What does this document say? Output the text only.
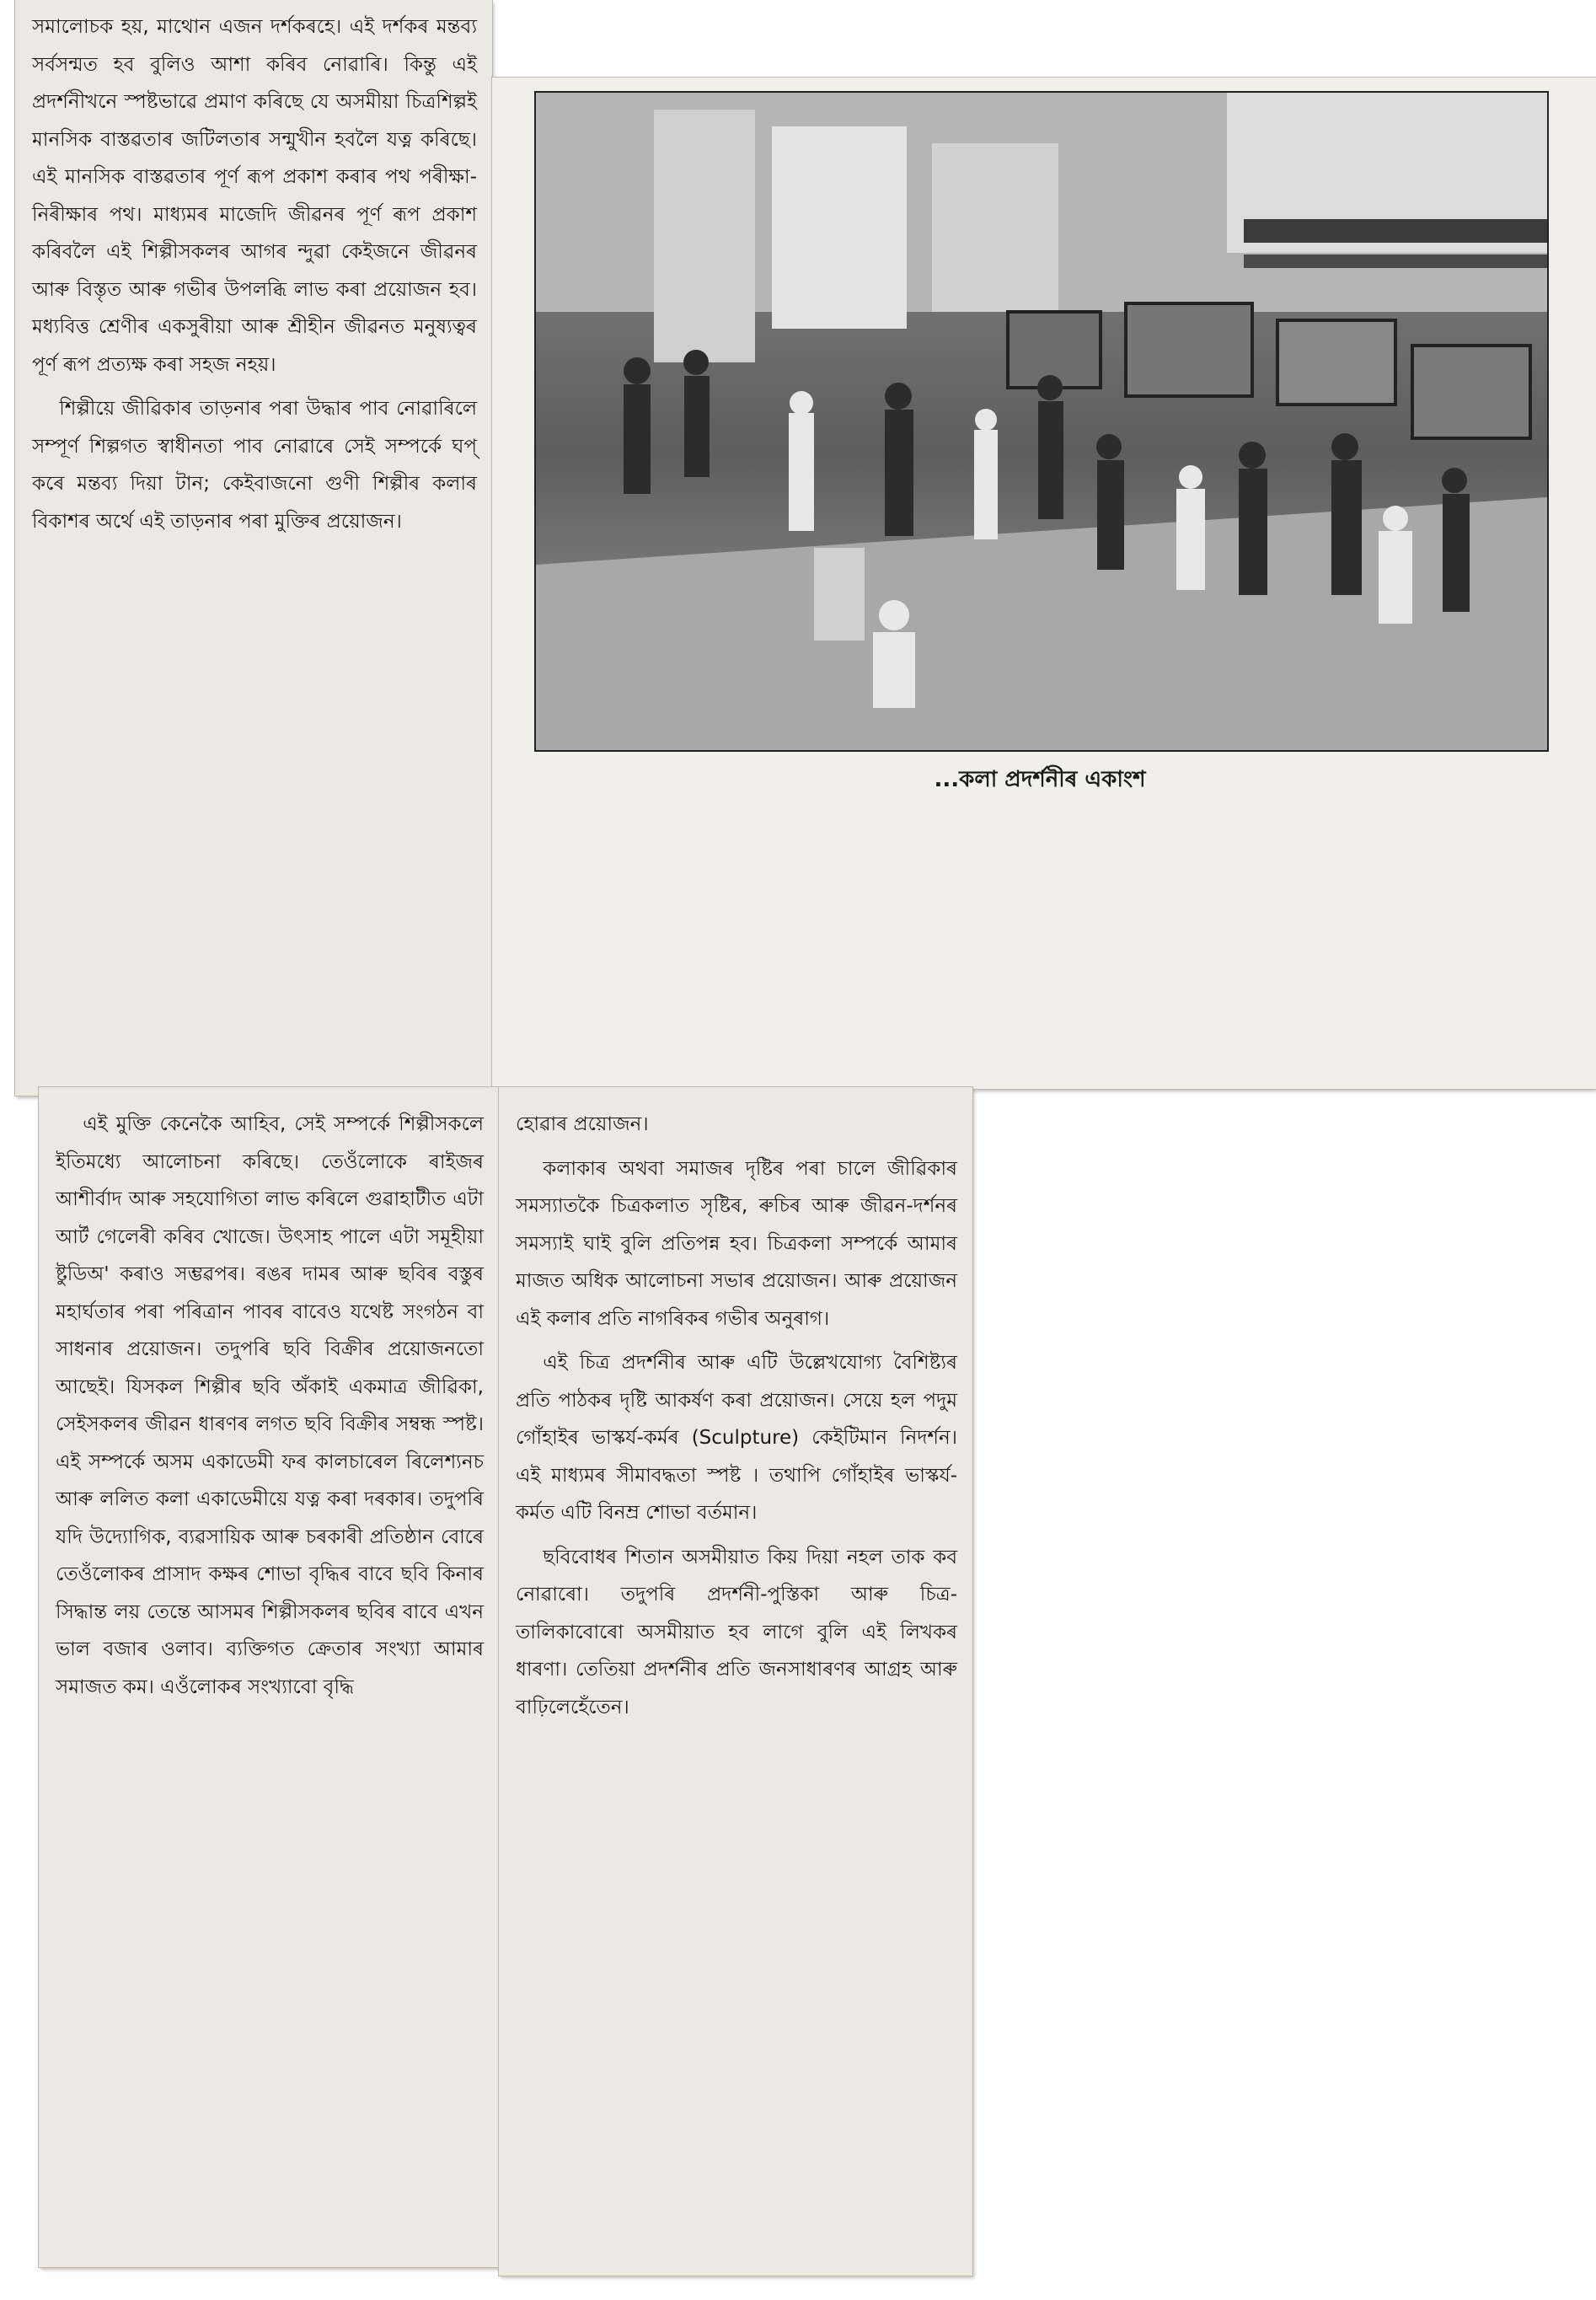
সমালোচক হয়, মাথোন এজন দৰ্শকৰহে। এই দৰ্শকৰ মন্তব্য সৰ্বসন্মত হব বুলিও আশা কৰিব নোৱাৰি। কিন্তু এই প্ৰদৰ্শনীখনে স্পষ্টভাৱে প্ৰমাণ কৰিছে যে অসমীয়া চিত্ৰশিল্পই মানসিক বাস্তৱতাৰ জটিলতাৰ সন্মুখীন হবলৈ যত্ন কৰিছে। এই মানসিক বাস্তৱতাৰ পূৰ্ণ ৰূপ প্ৰকাশ কৰাৰ পথ পৰীক্ষা-নিৰীক্ষাৰ পথ। মাধ্যমৰ মাজেদি জীৱনৰ পূৰ্ণ ৰূপ প্ৰকাশ কৰিবলৈ এই শিল্পীসকলৰ আগৰ ন্দুৱা কেইজনে জীৱনৰ আৰু বিস্তৃত আৰু গভীৰ উপলব্ধি লাভ কৰা প্ৰয়োজন হব। মধ্যবিত্ত শ্ৰেণীৰ একসুৰীয়া আৰু শ্ৰীহীন জীৱনত মনুষ্যত্বৰ পূৰ্ণ ৰূপ প্ৰত্যক্ষ কৰা সহজ নহয়।

শিল্পীয়ে জীৱিকাৰ তাড়নাৰ পৰা উদ্ধাৰ পাব নোৱাৰিলে সম্পূৰ্ণ শিল্পগত স্বাধীনতা পাব নোৱাৰে সেই সম্পৰ্কে ঘপ্ কৰে মন্তব্য দিয়া টান; কেইবাজনো গুণী শিল্পীৰ কলাৰ বিকাশৰ অৰ্থে এই তাড়নাৰ পৰা মুক্তিৰ প্ৰয়োজন।

...কলা প্ৰদৰ্শনীৰ একাংশ

এই মুক্তি কেনেকৈ আহিব, সেই সম্পৰ্কে শিল্পীসকলে ইতিমধ্যে আলোচনা কৰিছে। তেওঁলোকে ৰাইজৰ আশীৰ্বাদ আৰু সহযোগিতা লাভ কৰিলে গুৱাহাটীত এটা আৰ্ট গেলেৰী কৰিব খোজে। উৎসাহ পালে এটা সমূহীয়া ষ্টুডিঅ' কৰাও সম্ভৱপৰ। ৰঙৰ দামৰ আৰু ছবিৰ বস্তুৰ মহাৰ্ঘতাৰ পৰা পৰিত্ৰান পাবৰ বাবেও যথেষ্ট সংগঠন বা সাধনাৰ প্ৰয়োজন। তদুপৰি ছবি বিক্ৰীৰ প্ৰয়োজনতো আছেই। যিসকল শিল্পীৰ ছবি অঁকাই একমাত্ৰ জীৱিকা, সেইসকলৰ জীৱন ধাৰণৰ লগত ছবি বিক্ৰীৰ সম্বন্ধ স্পষ্ট। এই সম্পৰ্কে অসম একাডেমী ফৰ কালচাৰেল ৰিলেশ্যনচ আৰু ললিত কলা একাডেমীয়ে যত্ন কৰা দৰকাৰ। তদুপৰি যদি উদ্যোগিক, ব্যৱসায়িক আৰু চৰকাৰী প্ৰতিষ্ঠান বোৰে তেওঁলোকৰ প্ৰাসাদ কক্ষৰ শোভা বৃদ্ধিৰ বাবে ছবি কিনাৰ সিদ্ধান্ত লয় তেন্তে আসমৰ শিল্পীসকলৰ ছবিৰ বাবে এখন ভাল বজাৰ ওলাব। ব্যক্তিগত ক্ৰেতাৰ সংখ্যা আমাৰ সমাজত কম। এওঁলোকৰ সংখ্যাবো বৃদ্ধি

হোৱাৰ প্ৰয়োজন।

কলাকাৰ অথবা সমাজৰ দৃষ্টিৰ পৰা চালে জীৱিকাৰ সমস্যাতকৈ চিত্ৰকলাত সৃষ্টিৰ, ৰুচিৰ আৰু জীৱন-দৰ্শনৰ সমস্যাই ঘাই বুলি প্ৰতিপন্ন হব। চিত্ৰকলা সম্পৰ্কে আমাৰ মাজত অধিক আলোচনা সভাৰ প্ৰয়োজন। আৰু প্ৰয়োজন এই কলাৰ প্ৰতি নাগৰিকৰ গভীৰ অনুৰাগ।

এই চিত্ৰ প্ৰদৰ্শনীৰ আৰু এটি উল্লেখযোগ্য বৈশিষ্ট্যৰ প্ৰতি পাঠকৰ দৃষ্টি আকৰ্ষণ কৰা প্ৰয়োজন। সেয়ে হল পদুম গোঁহাইৰ ভাস্কৰ্য-কৰ্মৰ (Sculpture) কেইটিমান নিদৰ্শন। এই মাধ্যমৰ সীমাবদ্ধতা স্পষ্ট । তথাপি গোঁহাইৰ ভাস্কৰ্য-কৰ্মত এটি বিনম্ৰ শোভা বৰ্তমান।

ছবিবোধৰ শিতান অসমীয়াত কিয় দিয়া নহল তাক কব নোৱাৰো। তদুপৰি প্ৰদৰ্শনী-পুস্তিকা আৰু চিত্ৰ-তালিকাবোৰো অসমীয়াত হব লাগে বুলি এই লিখকৰ ধাৰণা। তেতিয়া প্ৰদৰ্শনীৰ প্ৰতি জনসাধাৰণৰ আগ্ৰহ আৰু বাঢ়িলেহেঁতেন।
